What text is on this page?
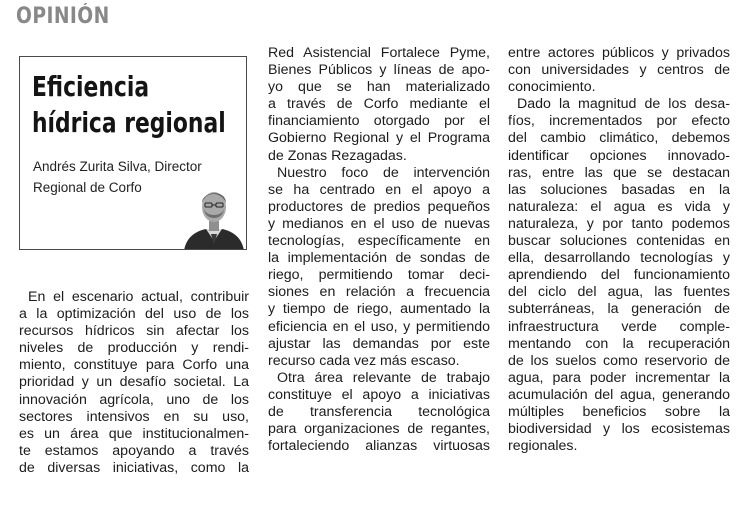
OPINIÓN
Eficiencia
hídrica regional
Andrés Zurita Silva, Director
Regional de Corfo
En el escenario actual, contribuir
a la optimización del uso de los
recursos hídricos sin afectar los
niveles de producción y rendi-
miento, constituye para Corfo una
prioridad y un desafío societal. La
innovación agrícola, uno de los
sectores intensivos en su uso,
es un área que institucionalmen-
te estamos apoyando a través
de diversas iniciativas, como la
Red Asistencial Fortalece Pyme,
Bienes Públicos y líneas de apo-
yo que se han materializado
a través de Corfo mediante el
financiamiento otorgado por el
Gobierno Regional y el Programa
de Zonas Rezagadas.
Nuestro foco de intervención
se ha centrado en el apoyo a
productores de predios pequeños
y medianos en el uso de nuevas
tecnologías, específicamente en
la implementación de sondas de
riego, permitiendo tomar deci-
siones en relación a frecuencia
y tiempo de riego, aumentado la
eficiencia en el uso, y permitiendo
ajustar las demandas por este
recurso cada vez más escaso.
Otra área relevante de trabajo
constituye el apoyo a iniciativas
de transferencia tecnológica
para organizaciones de regantes,
fortaleciendo alianzas virtuosas
entre actores públicos y privados
con universidades y centros de
conocimiento.
Dado la magnitud de los desa-
fíos, incrementados por efecto
del cambio climático, debemos
identificar opciones innovado-
ras, entre las que se destacan
las soluciones basadas en la
naturaleza: el agua es vida y
naturaleza, y por tanto podemos
buscar soluciones contenidas en
ella, desarrollando tecnologías y
aprendiendo del funcionamiento
del ciclo del agua, las fuentes
subterráneas, la generación de
infraestructura verde comple-
mentando con la recuperación
de los suelos como reservorio de
agua, para poder incrementar la
acumulación del agua, generando
múltiples beneficios sobre la
biodiversidad y los ecosistemas
regionales.
